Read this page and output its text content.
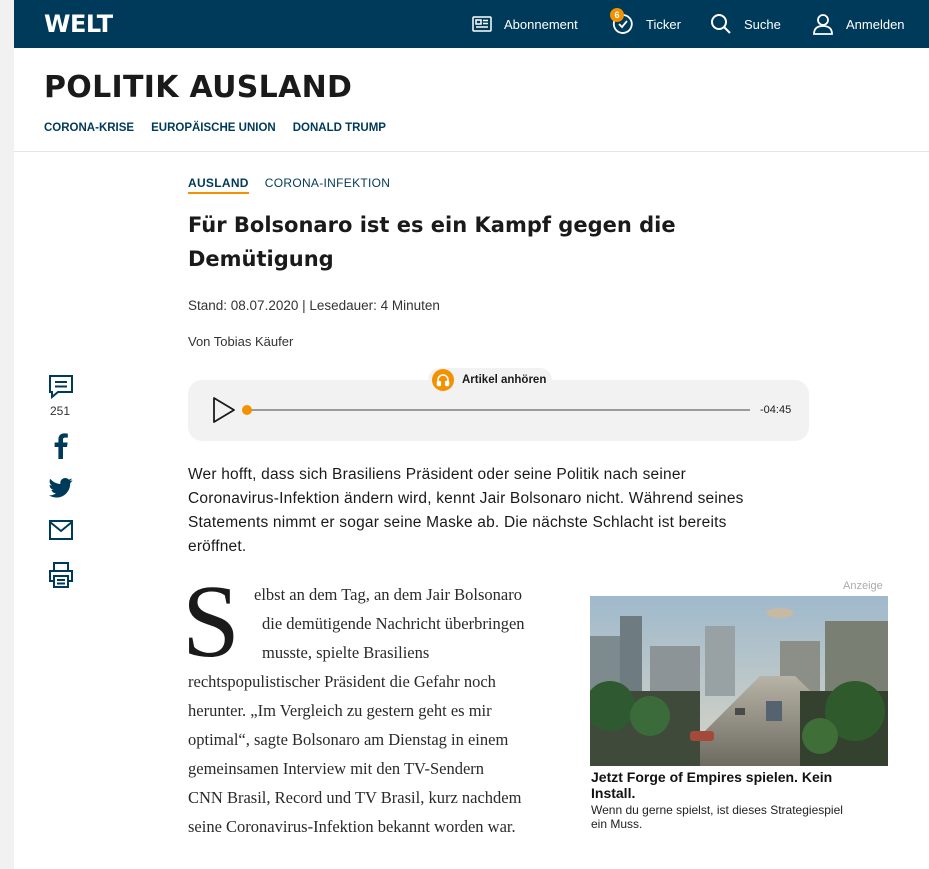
WELT	Abonnement	Ticker
6
Suche	Anmelden
POLITIK AUSLAND
CORONA-KRISE EUROPÄISCHE UNION DONALD TRUMP
AUSLAND CORONA-INFEKTION
Für Bolsonaro ist es ein Kampf gegen die
Demütigung
Stand: 08.07.2020 | Lesedauer: 4 Minuten
Von Tobias Käufer
251
Artikel anhören
-04:45
Wer hofft, dass sich Brasiliens Präsident oder seine Politik nach seiner
Coronavirus-Infektion ändern wird, kennt Jair Bolsonaro nicht. Während seines
Statements nimmt er sogar seine Maske ab. Die nächste Schlacht ist bereits
eröffnet.
S elbst an dem Tag, an dem Jair Bolsonaro
die demütigende Nachricht überbringen
musste, spielte Brasiliens
rechtspopulistischer Präsident die Gefahr noch
herunter. „Im Vergleich zu gestern geht es mir
optimal“, sagte Bolsonaro am Dienstag in einem
gemeinsamen Interview mit den TV-Sendern
CNN Brasil, Record und TV Brasil, kurz nachdem
seine Coronavirus-Infektion bekannt worden war.
Anzeige
Jetzt Forge of Empires spielen. Kein
Install.
Wenn du gerne spielst, ist dieses Strategiespiel
ein Muss.
